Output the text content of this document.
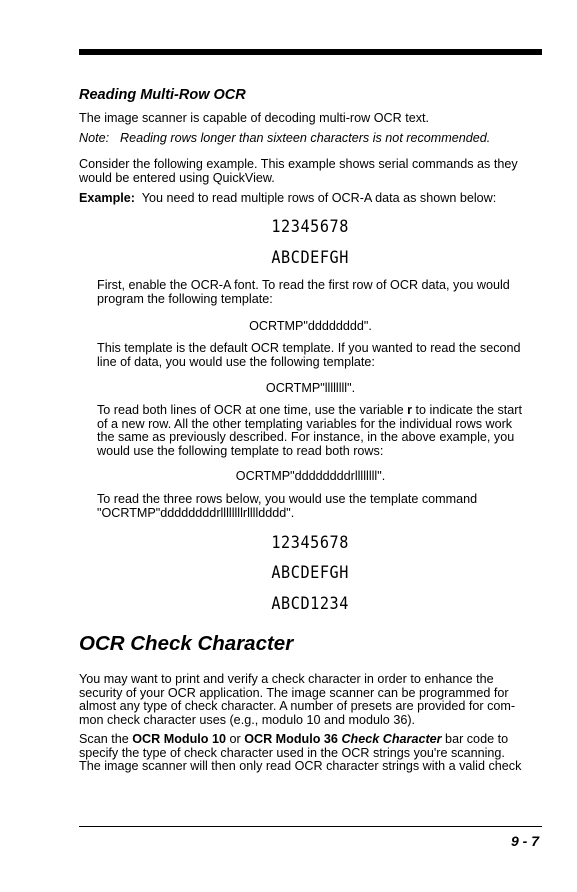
Reading Multi-Row OCR
The image scanner is capable of decoding multi-row OCR text.
Note: Reading rows longer than sixteen characters is not recommended.
Consider the following example. This example shows serial commands as they
would be entered using QuickView.
Example: You need to read multiple rows of OCR-A data as shown below:
12345678
ABCDEFGH
First, enable the OCR-A font. To read the first row of OCR data, you would
program the following template:
OCRTMP"dddddddd".
This template is the default OCR template. If you wanted to read the second
line of data, you would use the following template:
OCRTMP"llllllll".
To read both lines of OCR at one time, use the variable r to indicate the start
of a new row. All the other templating variables for the individual rows work
the same as previously described. For instance, in the above example, you
would use the following template to read both rows:
OCRTMP"ddddddddrllllllll".
To read the three rows below, you would use the template command
"OCRTMP"ddddddddrllllllllrlllldddd".
12345678
ABCDEFGH
ABCD1234
OCR Check Character
You may want to print and verify a check character in order to enhance the
security of your OCR application. The image scanner can be programmed for
almost any type of check character. A number of presets are provided for com-
mon check character uses (e.g., modulo 10 and modulo 36).
Scan the OCR Modulo 10 or OCR Modulo 36 Check Character bar code to
specify the type of check character used in the OCR strings you're scanning.
The image scanner will then only read OCR character strings with a valid check
9 - 7
